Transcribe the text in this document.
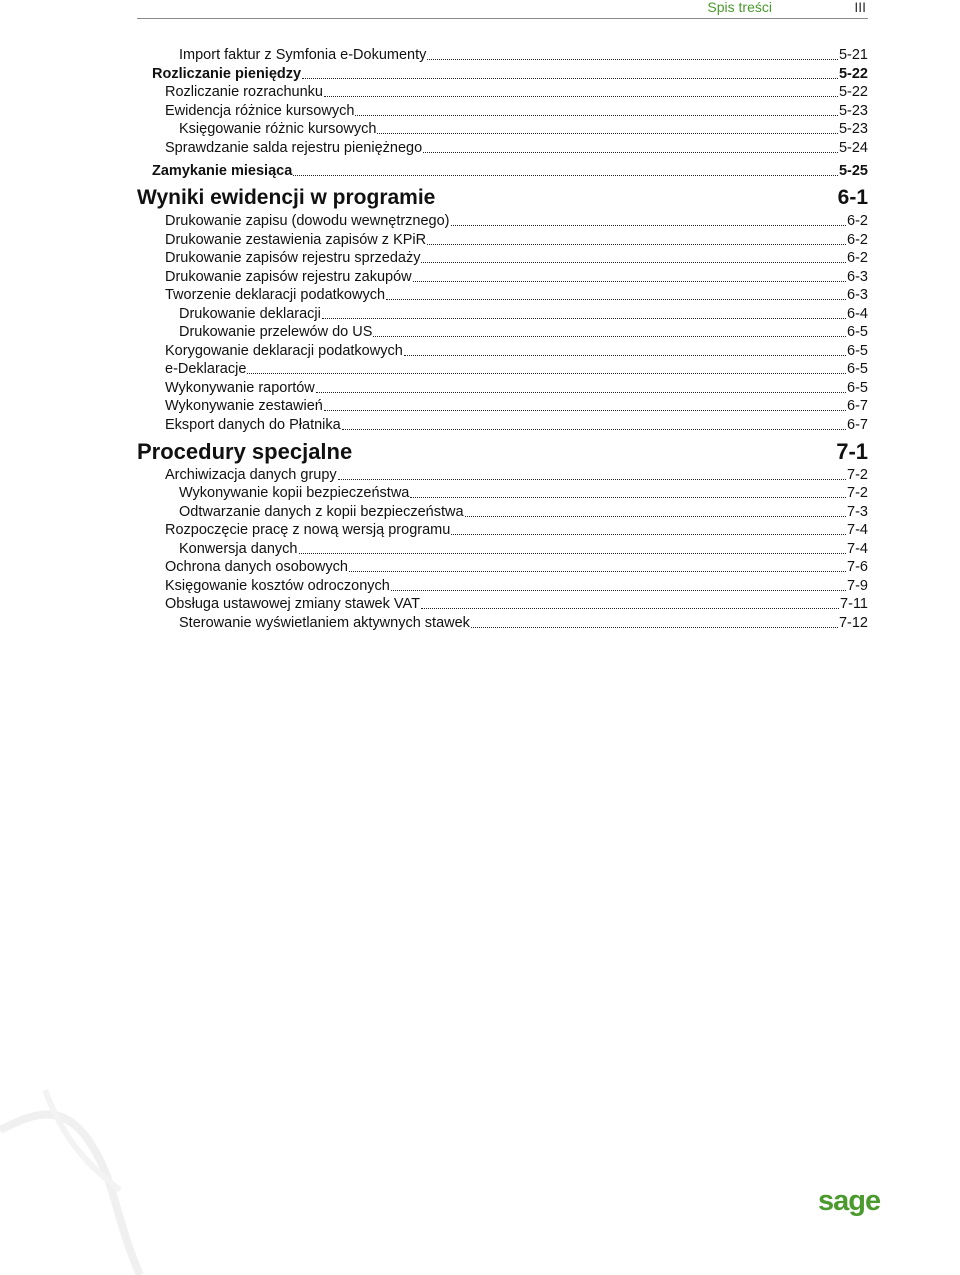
Spis treści	III
Import faktur z Symfonia e-Dokumenty	5-21
Rozliczanie pieniędzy	5-22
Rozliczanie rozrachunku	5-22
Ewidencja różnice kursowych	5-23
Księgowanie różnic kursowych	5-23
Sprawdzanie salda rejestru pieniężnego	5-24
Zamykanie miesiąca	5-25
Wyniki ewidencji w programie	6-1
Drukowanie zapisu (dowodu wewnętrznego)	6-2
Drukowanie zestawienia zapisów z KPiR	6-2
Drukowanie zapisów rejestru sprzedaży	6-2
Drukowanie zapisów rejestru zakupów	6-3
Tworzenie deklaracji podatkowych	6-3
Drukowanie deklaracji	6-4
Drukowanie przelewów do US	6-5
Korygowanie deklaracji podatkowych	6-5
e-Deklaracje	6-5
Wykonywanie raportów	6-5
Wykonywanie zestawień	6-7
Eksport danych do Płatnika	6-7
Procedury specjalne	7-1
Archiwizacja danych grupy	7-2
Wykonywanie kopii bezpieczeństwa	7-2
Odtwarzanie danych z kopii bezpieczeństwa	7-3
Rozpoczęcie pracę z nową wersją programu	7-4
Konwersja danych	7-4
Ochrona danych osobowych	7-6
Księgowanie kosztów odroczonych	7-9
Obsługa ustawowej zmiany stawek VAT	7-11
Sterowanie wyświetlaniem aktywnych stawek	7-12
sage
